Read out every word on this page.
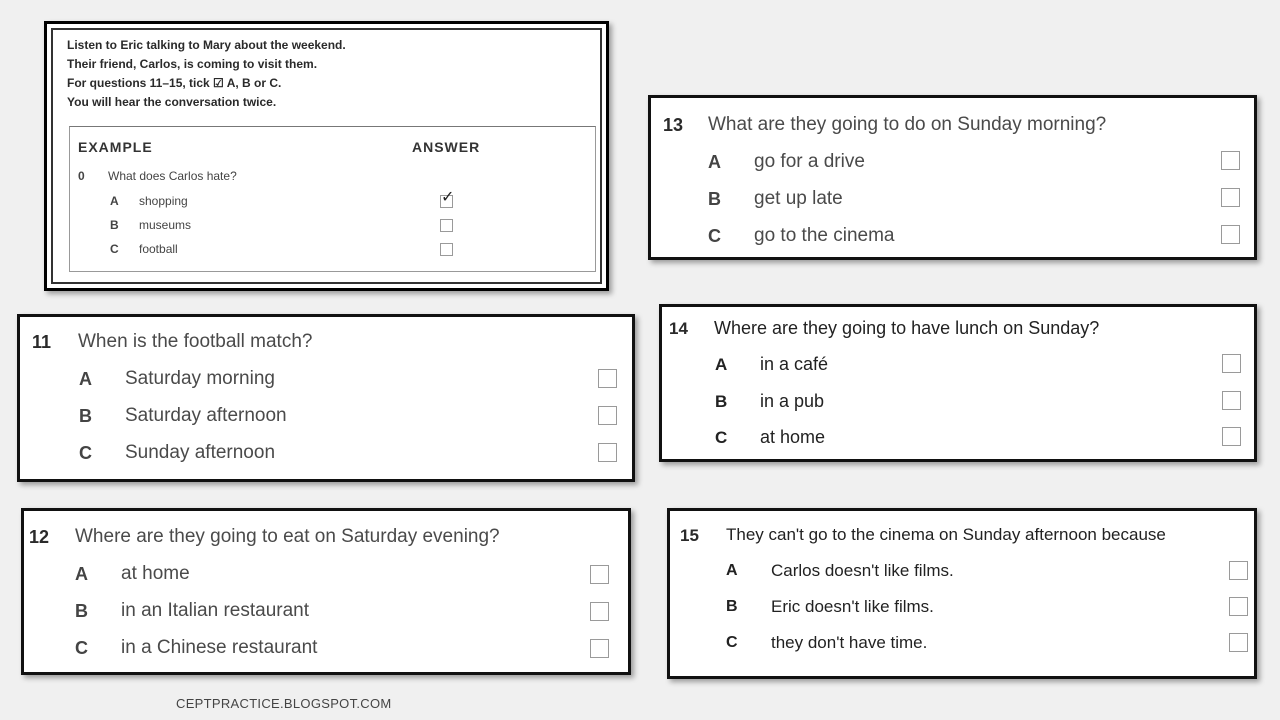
Listen to Eric talking to Mary about the weekend.
Their friend, Carlos, is coming to visit them.
For questions 11–15, tick ☑ A, B or C.
You will hear the conversation twice.
EXAMPLE	ANSWER
0 What does Carlos hate?
A shopping	✓
B museums
C football
11 When is the football match?
A Saturday morning
B Saturday afternoon
C Sunday afternoon
12 Where are they going to eat on Saturday evening?
A at home
B in an Italian restaurant
C in a Chinese restaurant
13 What are they going to do on Sunday morning?
A go for a drive
B get up late
C go to the cinema
14 Where are they going to have lunch on Sunday?
A in a café
B in a pub
C at home
15 They can't go to the cinema on Sunday afternoon because
A Carlos doesn't like films.
B Eric doesn't like films.
C they don't have time.
CEPTPRACTICE.BLOGSPOT.COM
